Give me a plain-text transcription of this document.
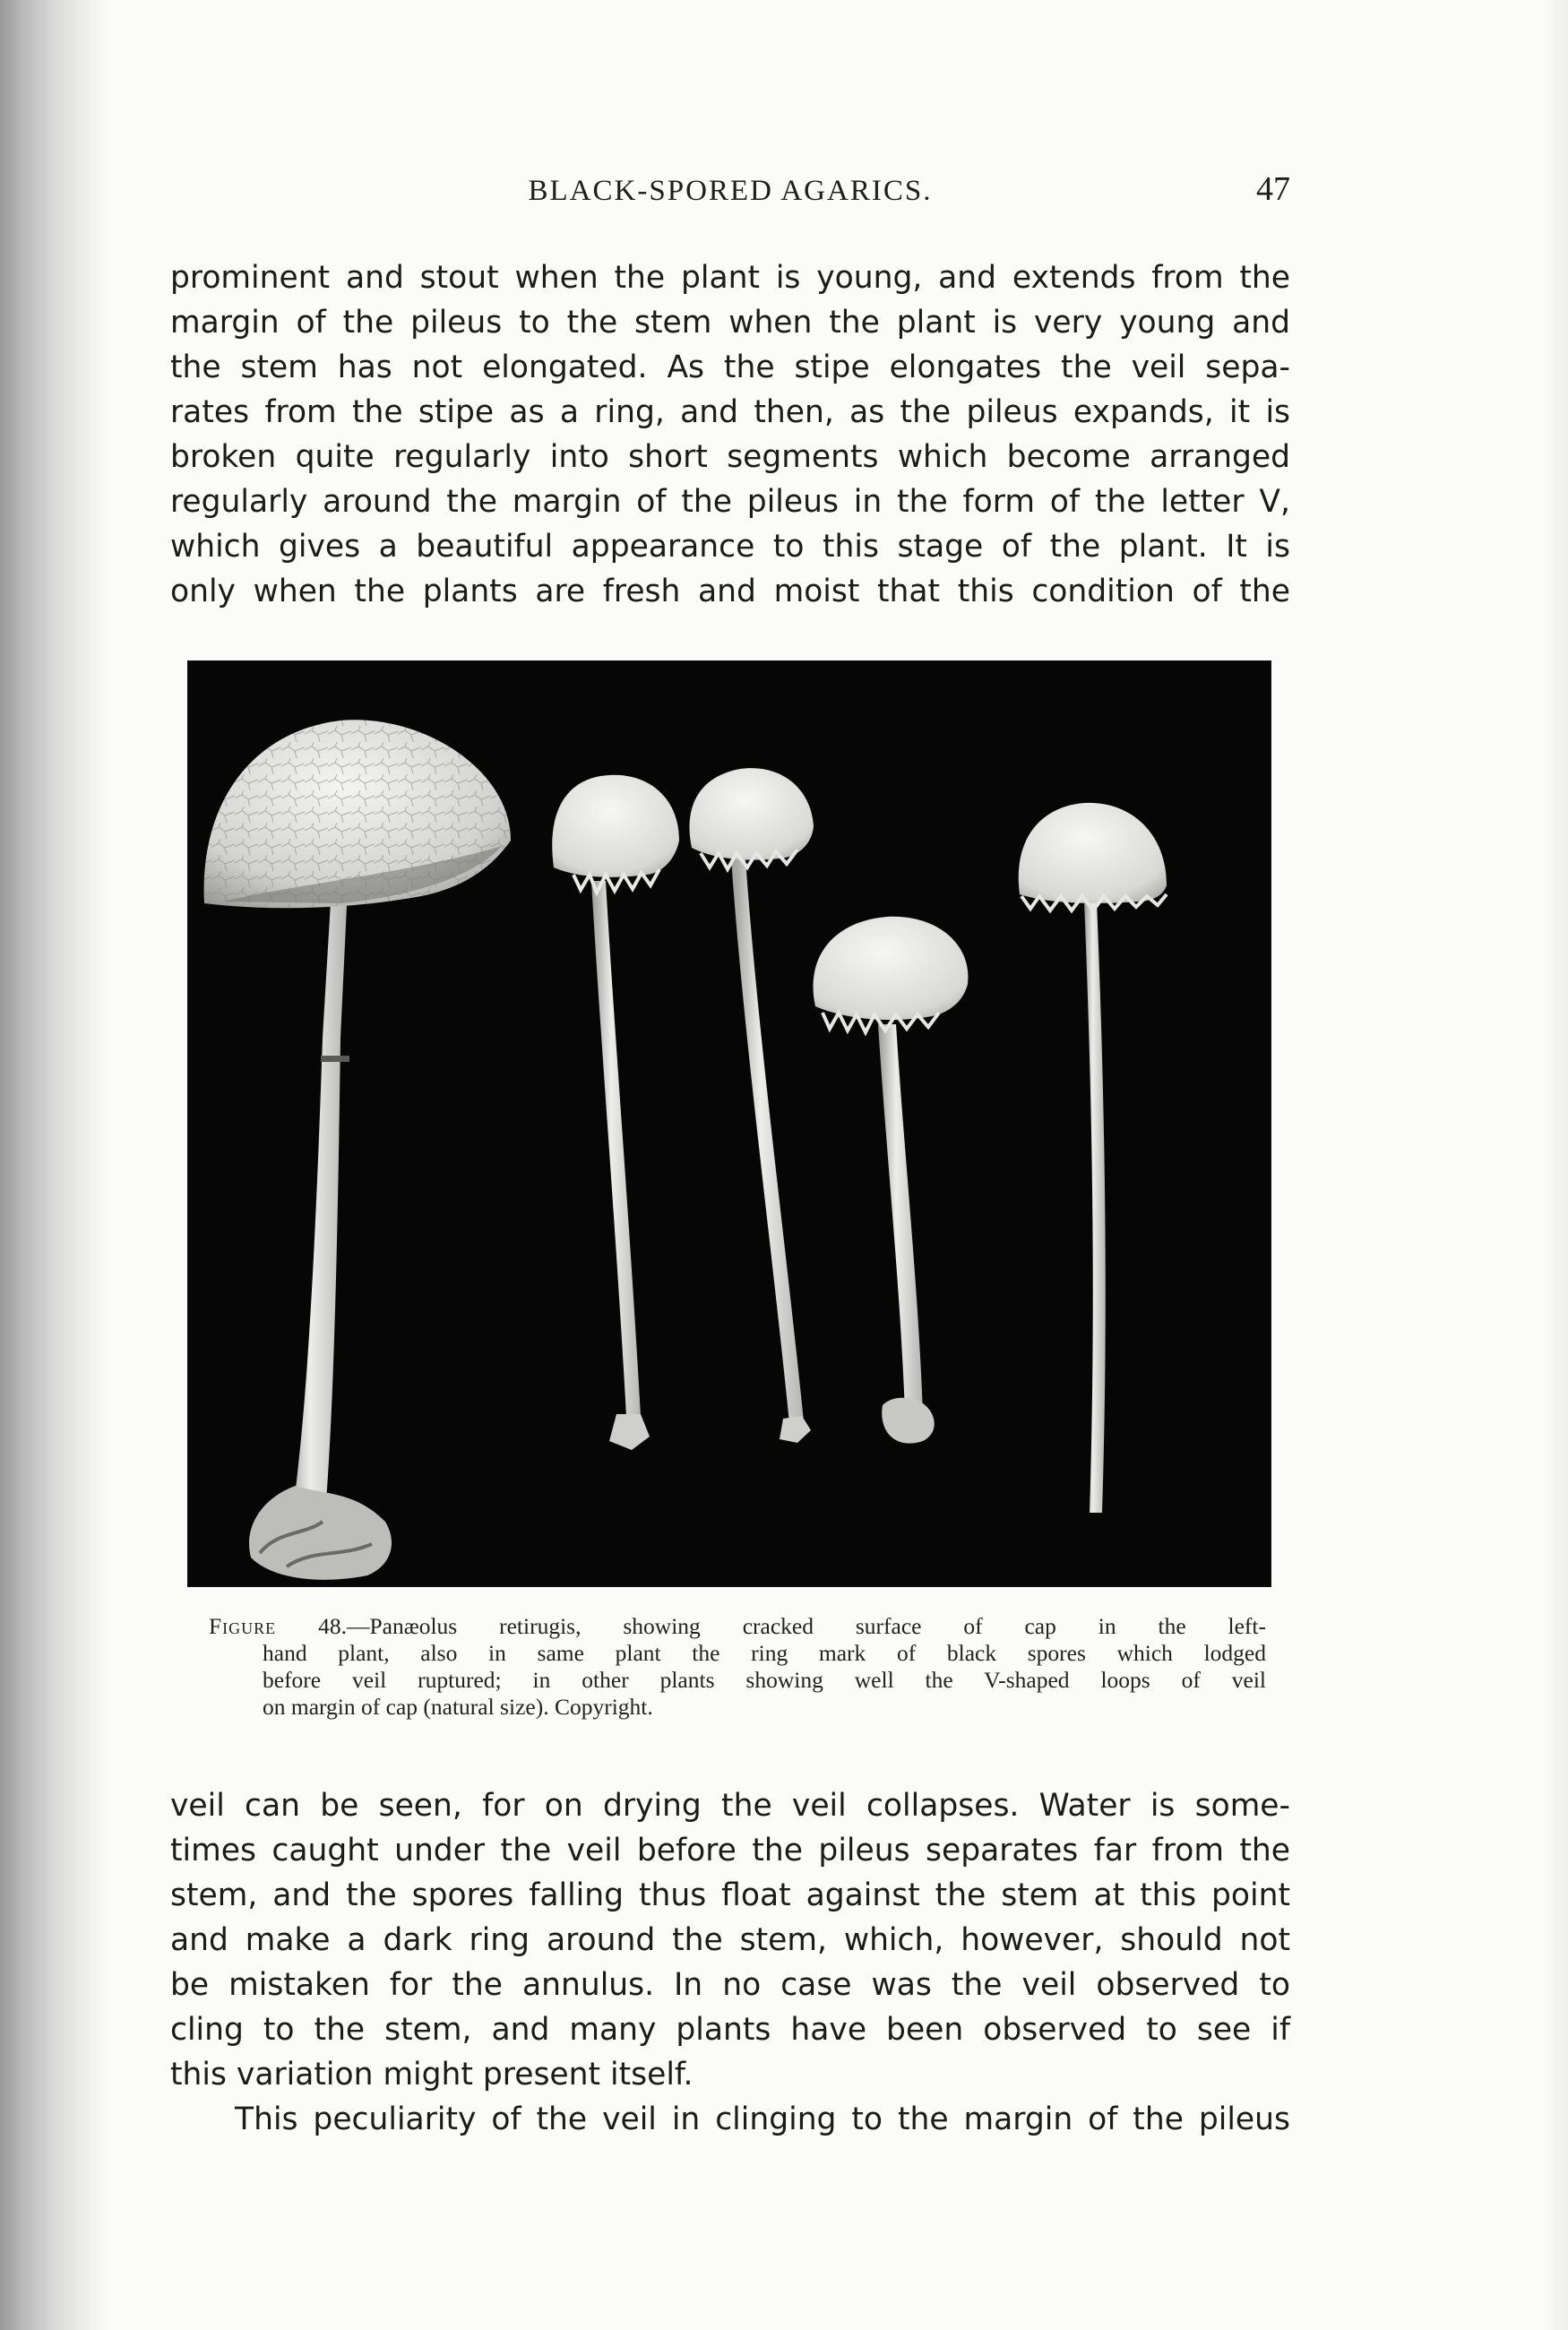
BLACK-SPORED AGARICS.	47
prominent and stout when the plant is young, and extends from the
margin of the pileus to the stem when the plant is very young and
the stem has not elongated. As the stipe elongates the veil sepa-
rates from the stipe as a ring, and then, as the pileus expands, it is
broken quite regularly into short segments which become arranged
regularly around the margin of the pileus in the form of the letter V,
which gives a beautiful appearance to this stage of the plant. It is
only when the plants are fresh and moist that this condition of the
Figure 48.—Panæolus retirugis, showing cracked surface of cap in the left-
hand plant, also in same plant the ring mark of black spores which lodged
before veil ruptured; in other plants showing well the V-shaped loops of veil
on margin of cap (natural size). Copyright.
veil can be seen, for on drying the veil collapses. Water is some-
times caught under the veil before the pileus separates far from the
stem, and the spores falling thus float against the stem at this point
and make a dark ring around the stem, which, however, should not
be mistaken for the annulus. In no case was the veil observed to
cling to the stem, and many plants have been observed to see if
this variation might present itself.
This peculiarity of the veil in clinging to the margin of the pileus
